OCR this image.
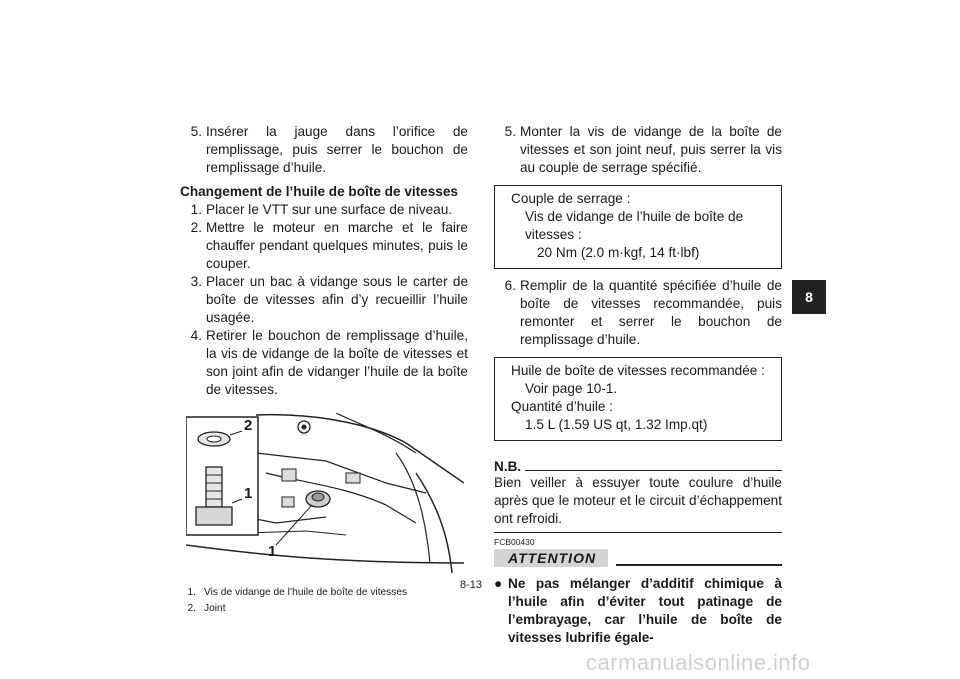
5. Insérer la jauge dans l’orifice de remplissage, puis serrer le bouchon de remplissage d’huile.
Changement de l’huile de boîte de vitesses
1. Placer le VTT sur une surface de niveau.
2. Mettre le moteur en marche et le faire chauffer pendant quelques minutes, puis le couper.
3. Placer un bac à vidange sous le carter de boîte de vitesses afin d’y recueillir l’huile usagée.
4. Retirer le bouchon de remplissage d’huile, la vis de vidange de la boîte de vitesses et son joint afin de vidanger l’huile de la boîte de vitesses.
2
1
1
1. Vis de vidange de l’huile de boîte de vitesses
2. Joint
5. Monter la vis de vidange de la boîte de vitesses et son joint neuf, puis serrer la vis au couple de serrage spécifié.
Couple de serrage :
Vis de vidange de l’huile de boîte de vitesses :
20 Nm (2.0 m·kgf, 14 ft·lbf)
6. Remplir de la quantité spécifiée d’huile de boîte de vitesses recommandée, puis remonter et serrer le bouchon de remplissage d’huile.
Huile de boîte de vitesses recommandée :
Voir page 10-1.
Quantité d’huile :
1.5 L (1.59 US qt, 1.32 Imp.qt)
N.B.
Bien veiller à essuyer toute coulure d’huile après que le moteur et le circuit d’échappement ont refroidi.
FCB00430
ATTENTION
● Ne pas mélanger d’additif chimique à l’huile afin d’éviter tout patinage de l’embrayage, car l’huile de boîte de vitesses lubrifie égale-
8
8-13
carmanualsonline.info
